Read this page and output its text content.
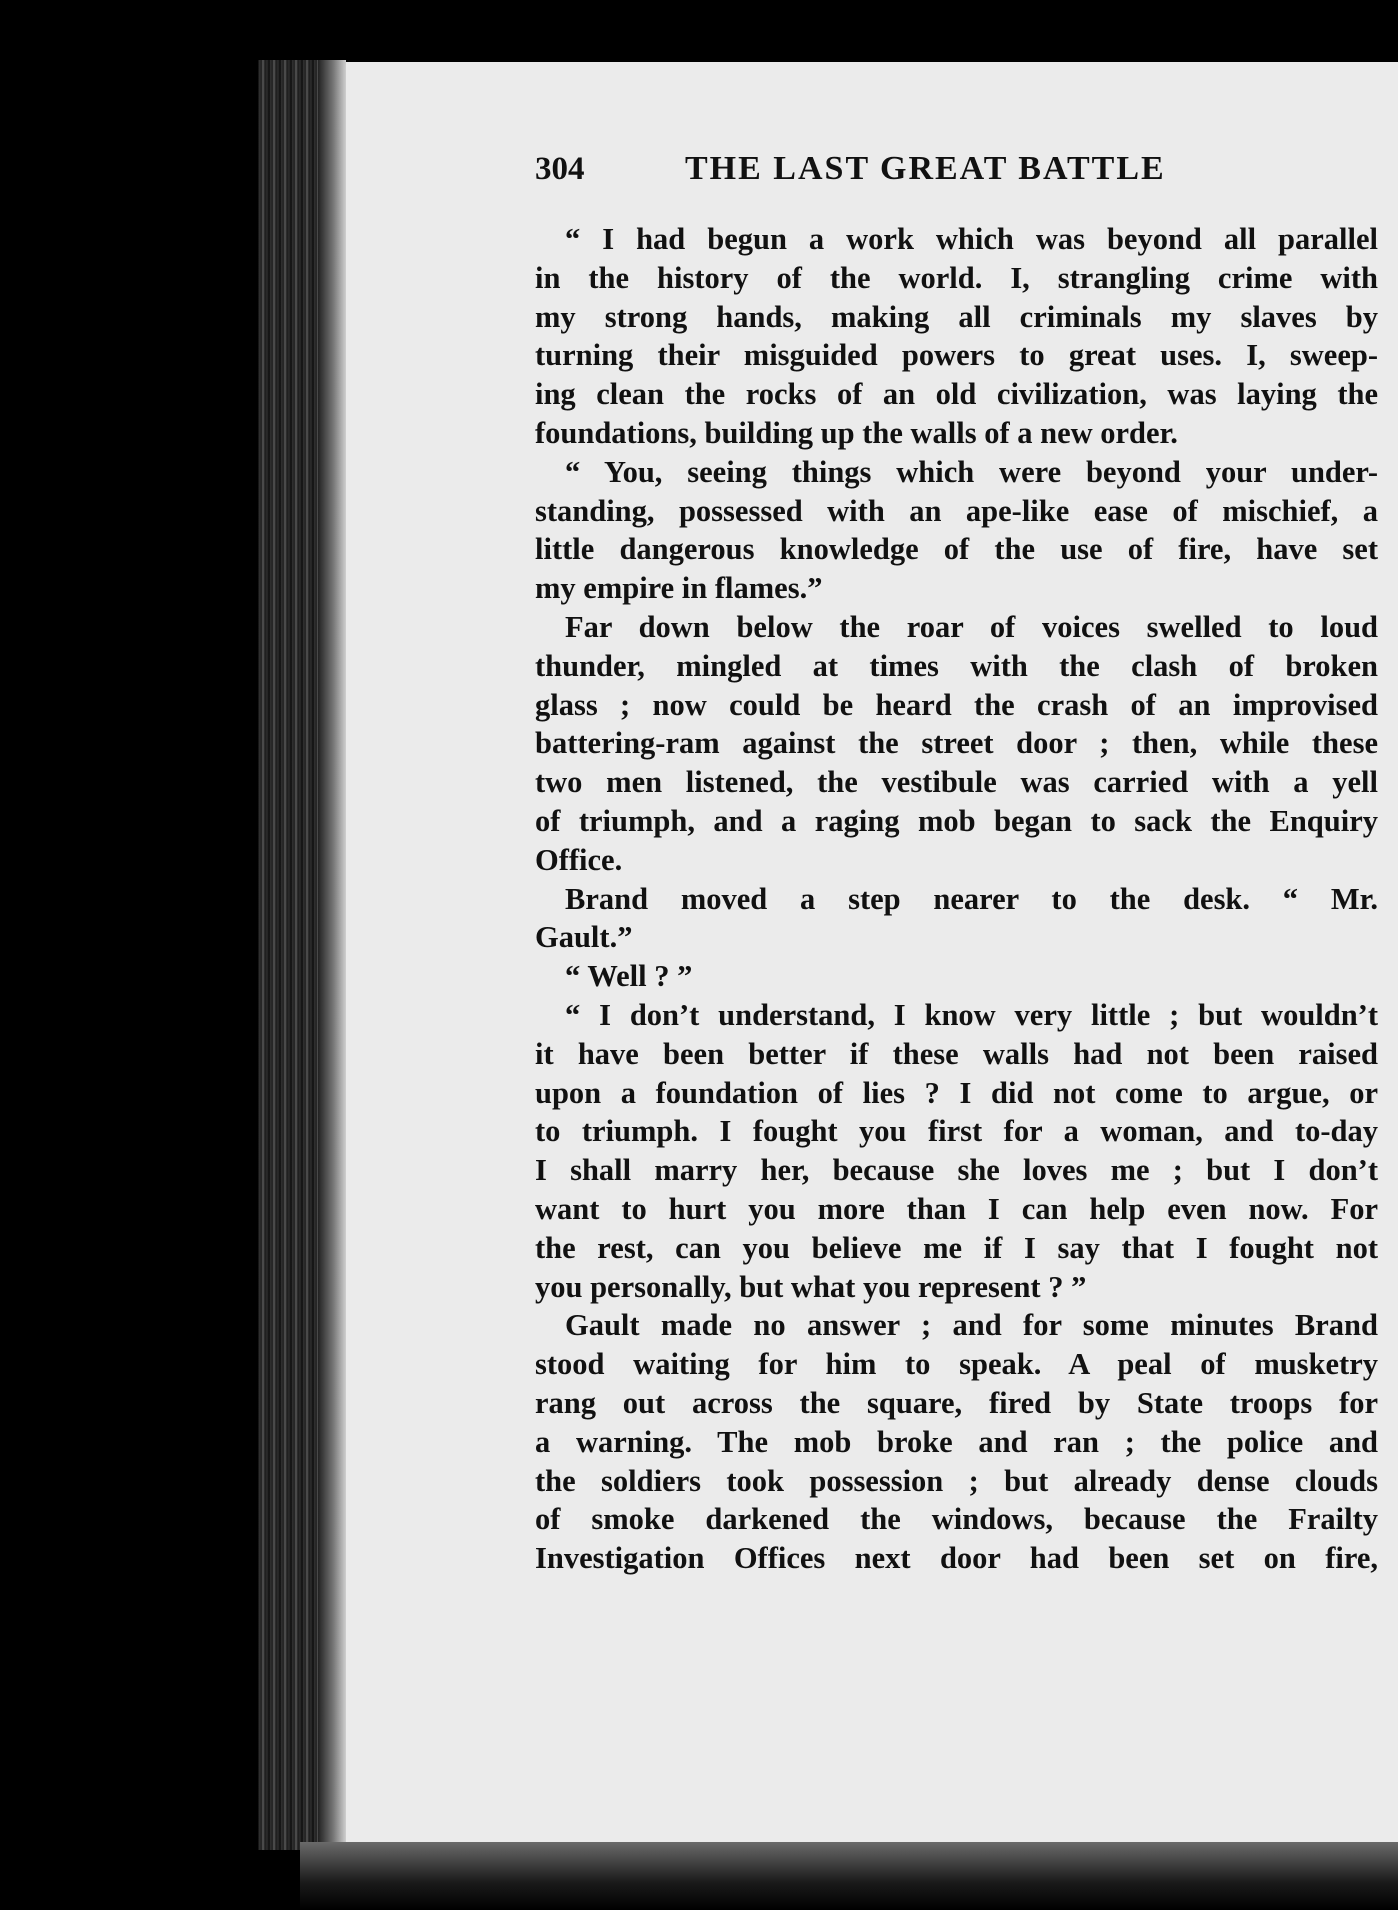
304	THE LAST GREAT BATTLE
“ I had begun a work which was beyond all parallel
in the history of the world. I, strangling crime with
my strong hands, making all criminals my slaves by
turning their misguided powers to great uses. I, sweep-
ing clean the rocks of an old civilization, was laying the
foundations, building up the walls of a new order.
“ You, seeing things which were beyond your under-
standing, possessed with an ape-like ease of mischief, a
little dangerous knowledge of the use of fire, have set
my empire in flames.”
Far down below the roar of voices swelled to loud
thunder, mingled at times with the clash of broken
glass ; now could be heard the crash of an improvised
battering-ram against the street door ; then, while these
two men listened, the vestibule was carried with a yell
of triumph, and a raging mob began to sack the Enquiry
Office.
Brand moved a step nearer to the desk. “ Mr.
Gault.”
“ Well ? ”
“ I don’t understand, I know very little ; but wouldn’t
it have been better if these walls had not been raised
upon a foundation of lies ? I did not come to argue, or
to triumph. I fought you first for a woman, and to-day
I shall marry her, because she loves me ; but I don’t
want to hurt you more than I can help even now. For
the rest, can you believe me if I say that I fought not
you personally, but what you represent ? ”
Gault made no answer ; and for some minutes Brand
stood waiting for him to speak. A peal of musketry
rang out across the square, fired by State troops for
a warning. The mob broke and ran ; the police and
the soldiers took possession ; but already dense clouds
of smoke darkened the windows, because the Frailty
Investigation Offices next door had been set on fire,
